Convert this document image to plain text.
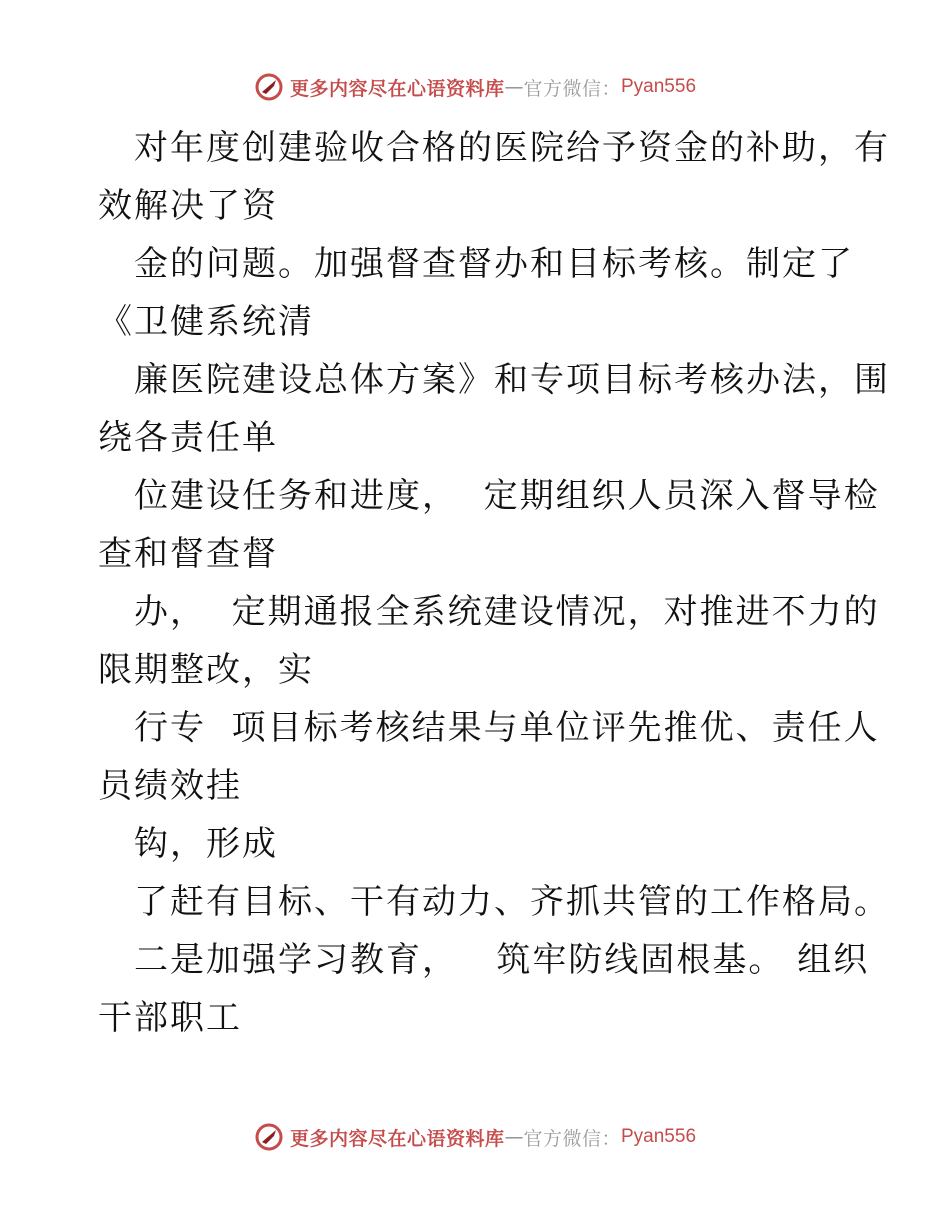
更多内容尽在心语资料库 — 官方微信： Pyan556
对年度创建验收合格的医院给予资金的补助，有
效解决了资
金的问题。加强督查督办和目标考核。制定了
《卫健系统清
廉医院建设总体方案》和专项目标考核办法，围
绕各责任单
位建设任务和进度，  定期组织人员深入督导检
查和督查督
办，  定期通报全系统建设情况，对推进不力的
限期整改，实
行专  项目标考核结果与单位评先推优、责任人
员绩效挂
钩，形成
了赶有目标、干有动力、齐抓共管的工作格局。
二是加强学习教育，   筑牢防线固根基。 组织
干部职工
更多内容尽在心语资料库 — 官方微信： Pyan556
